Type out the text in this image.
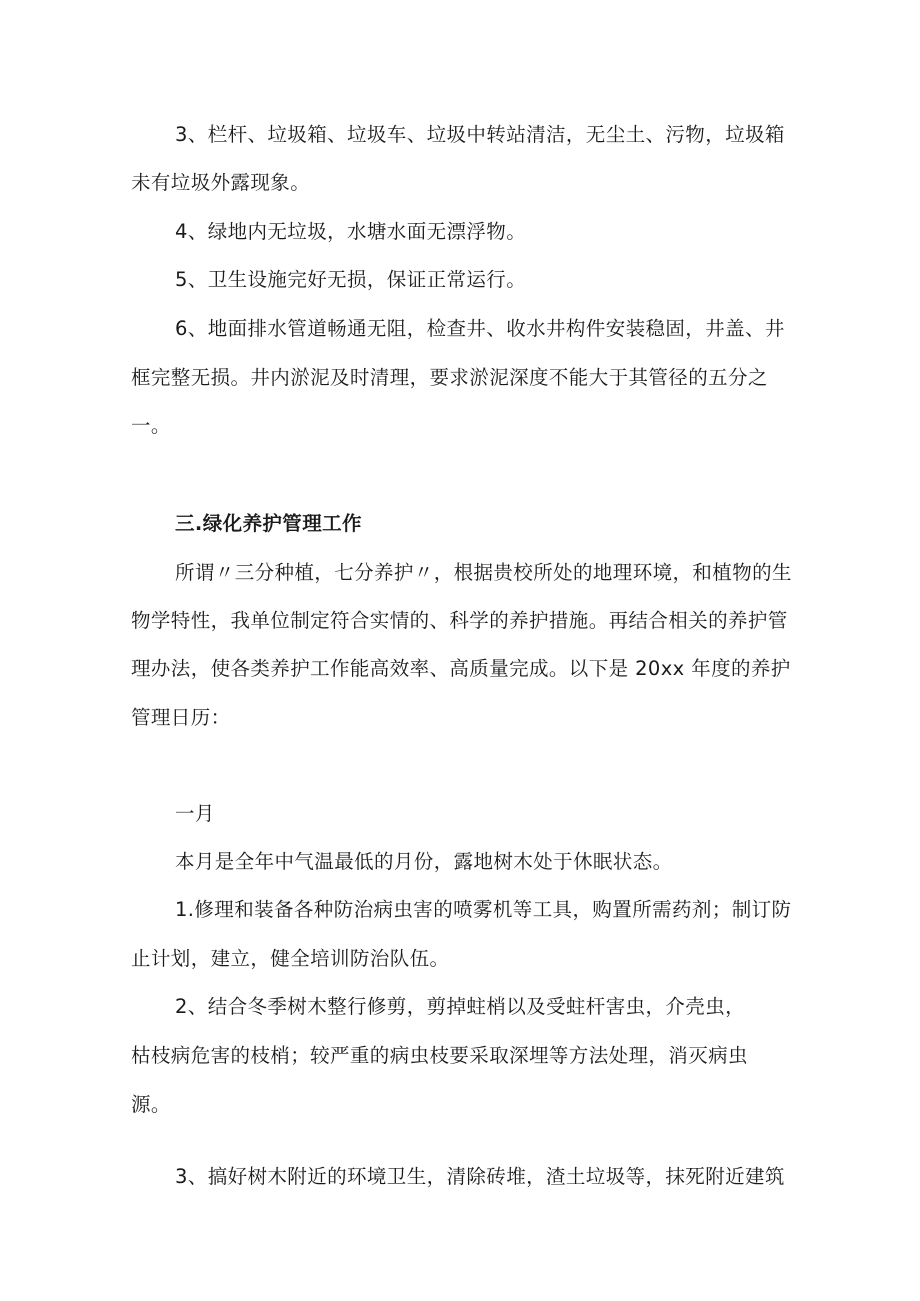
3、栏杆、垃圾箱、垃圾车、垃圾中转站清洁，无尘土、污物，垃圾箱
未有垃圾外露现象。
4、绿地内无垃圾，水塘水面无漂浮物。
5、卫生设施完好无损，保证正常运行。
6、地面排水管道畅通无阻，检查井、收水井构件安装稳固，井盖、井
框完整无损。井内淤泥及时清理，要求淤泥深度不能大于其管径的五分之
一。
三.绿化养护管理工作
所谓〃三分种植，七分养护〃，根据贵校所处的地理环境，和植物的生
物学特性，我单位制定符合实情的、科学的养护措施。再结合相关的养护管
理办法，使各类养护工作能高效率、高质量完成。以下是 20xx 年度的养护
管理日历：
一月
本月是全年中气温最低的月份，露地树木处于休眠状态。
1.修理和装备各种防治病虫害的喷雾机等工具，购置所需药剂；制订防
止计划，建立，健全培训防治队伍。
2、结合冬季树木整行修剪，剪掉蛀梢以及受蛀杆害虫，介壳虫，
枯枝病危害的枝梢；较严重的病虫枝要采取深埋等方法处理，消灭病虫
源。
3、搞好树木附近的环境卫生，清除砖堆，渣土垃圾等，抹死附近建筑
